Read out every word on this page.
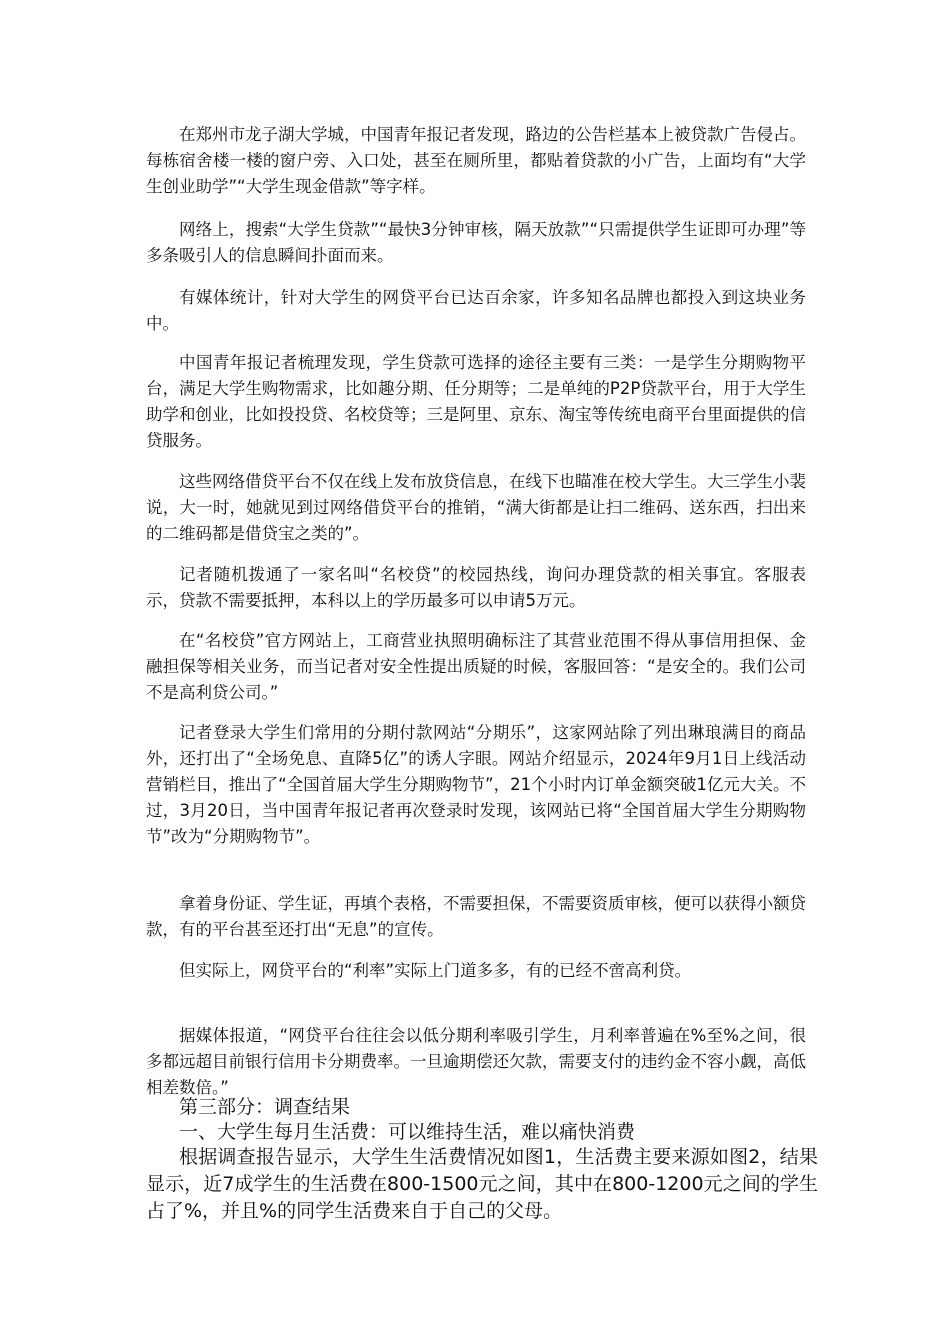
在郑州市龙子湖大学城，中国青年报记者发现，路边的公告栏基本上被贷款广告侵占。每栋宿舍楼一楼的窗户旁、入口处，甚至在厕所里，都贴着贷款的小广告，上面均有“大学生创业助学”“大学生现金借款”等字样。

网络上，搜索“大学生贷款”“最快3分钟审核，隔天放款”“只需提供学生证即可办理”等多条吸引人的信息瞬间扑面而来。

有媒体统计，针对大学生的网贷平台已达百余家，许多知名品牌也都投入到这块业务中。

中国青年报记者梳理发现，学生贷款可选择的途径主要有三类：一是学生分期购物平台，满足大学生购物需求，比如趣分期、任分期等；二是单纯的P2P贷款平台，用于大学生助学和创业，比如投投贷、名校贷等；三是阿里、京东、淘宝等传统电商平台里面提供的信贷服务。

这些网络借贷平台不仅在线上发布放贷信息，在线下也瞄准在校大学生。大三学生小裴说，大一时，她就见到过网络借贷平台的推销，“满大街都是让扫二维码、送东西，扫出来的二维码都是借贷宝之类的”。

记者随机拨通了一家名叫“名校贷”的校园热线，询问办理贷款的相关事宜。客服表示，贷款不需要抵押，本科以上的学历最多可以申请5万元。

在“名校贷”官方网站上，工商营业执照明确标注了其营业范围不得从事信用担保、金融担保等相关业务，而当记者对安全性提出质疑的时候，客服回答：“是安全的。我们公司不是高利贷公司。”

记者登录大学生们常用的分期付款网站“分期乐”，这家网站除了列出琳琅满目的商品外，还打出了“全场免息、直降5亿”的诱人字眼。网站介绍显示，2024年9月1日上线活动营销栏目，推出了“全国首届大学生分期购物节”，21个小时内订单金额突破1亿元大关。不过，3月20日，当中国青年报记者再次登录时发现，该网站已将“全国首届大学生分期购物节”改为“分期购物节”。

拿着身份证、学生证，再填个表格，不需要担保，不需要资质审核，便可以获得小额贷款，有的平台甚至还打出“无息”的宣传。

但实际上，网贷平台的“利率”实际上门道多多，有的已经不啻高利贷。

据媒体报道，“网贷平台往往会以低分期利率吸引学生，月利率普遍在%至%之间，很多都远超目前银行信用卡分期费率。一旦逾期偿还欠款，需要支付的违约金不容小觑，高低相差数倍。”

第三部分：调查结果

一、大学生每月生活费：可以维持生活，难以痛快消费

根据调查报告显示，大学生生活费情况如图1，生活费主要来源如图2，结果显示，近7成学生的生活费在800-1500元之间，其中在800-1200元之间的学生占了%，并且%的同学生活费来自于自己的父母。
